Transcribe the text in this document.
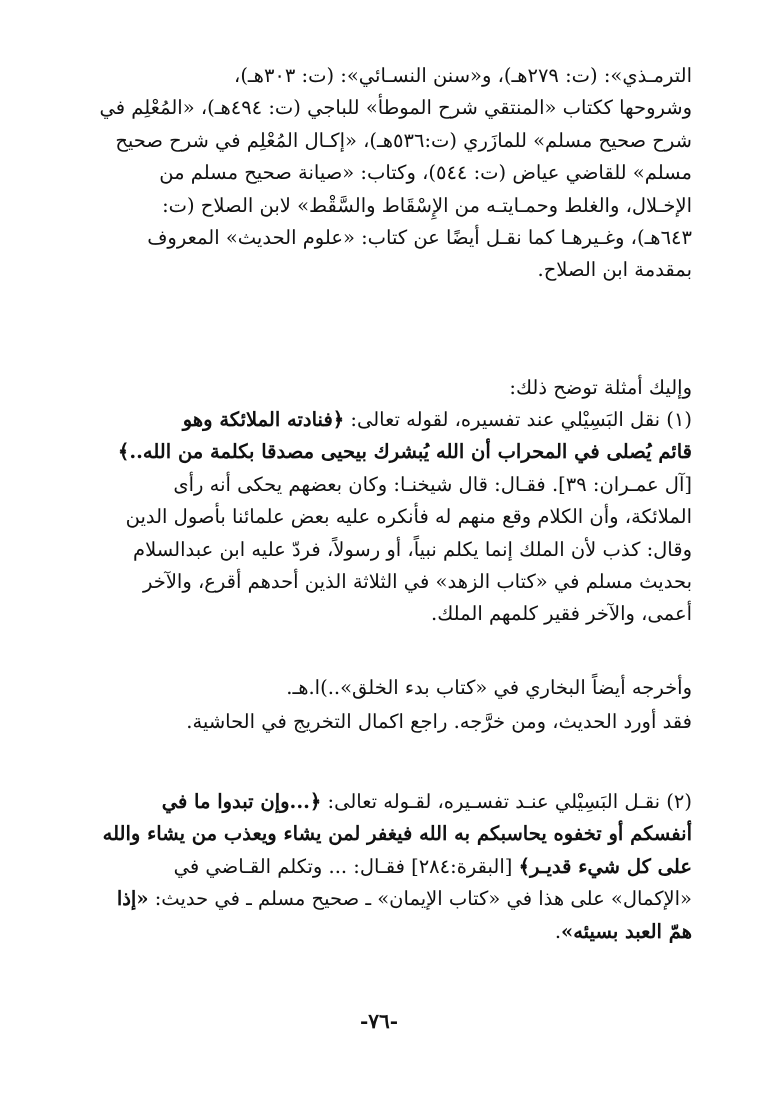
الترمـذي»: (ت: ٢٧٩هـ)، و«سنن النسـائي»: (ت: ٣٠٣هـ)،
وشروحها ككتاب «المنتقي شرح الموطأ» للباجي (ت: ٤٩٤هـ)، «المُعْلِم في
شرح صحيح مسلم» للمازَري (ت:٥٣٦هـ)، «إكـال المُعْلِم في شرح صحيح
مسلم» للقاضي عياض (ت: ٥٤٤)، وكتاب: «صيانة صحيح مسلم من
الإخـلال، والغلط وحمـايتـه من الإِسْقَاط والسَّقْط» لابن الصلاح (ت:
٦٤٣هـ)، وغـيرهـا كما نقـل أيضًا عن كتاب: «علوم الحديث» المعروف
بمقدمة ابن الصلاح.
وإليك أمثلة توضح ذلك:
(١) نقل البَسِيْلي عند تفسيره، لقوله تعالى: ﴿فنادته الملائكة وهو
قائم يُصلى في المحراب أن الله يُبشرك بيحيى مصدقا بكلمة من الله..﴾
[آل عمـران: ٣٩]. فقـال: قال شيخنـا: وكان بعضهم يحكى أنه رأى
الملائكة، وأن الكلام وقع منهم له فأنكره عليه بعض علمائنا بأصول الدين
وقال: كذب لأن الملك إنما يكلم نبياً، أو رسولاً، فردّ عليه ابن عبدالسلام
بحديث مسلم في «كتاب الزهد» في الثلاثة الذين أحدهم أقرع، والآخر
أعمى، والآخر فقير كلمهم الملك.
وأخرجه أيضاً البخاري في «كتاب بدء الخلق»..)ا.هـ.
فقد أورد الحديث، ومن خرَّجه. راجع اكمال التخريج في الحاشية.
(٢) نقـل البَسِيْلي عنـد تفسـيره، لقـوله تعالى: ﴿...وإن تبدوا ما في
أنفسكم أو تخفوه يحاسبكم به الله فيغفر لمن يشاء ويعذب من يشاء والله
على كل شيء قديـر﴾ [البقرة:٢٨٤] فقـال: ... وتكلم القـاضي في
«الإكمال» على هذا في «كتاب الإيمان» ـ صحيح مسلم ـ في حديث: «إذا
همّ العبد بسيئه».
-٧٦-
